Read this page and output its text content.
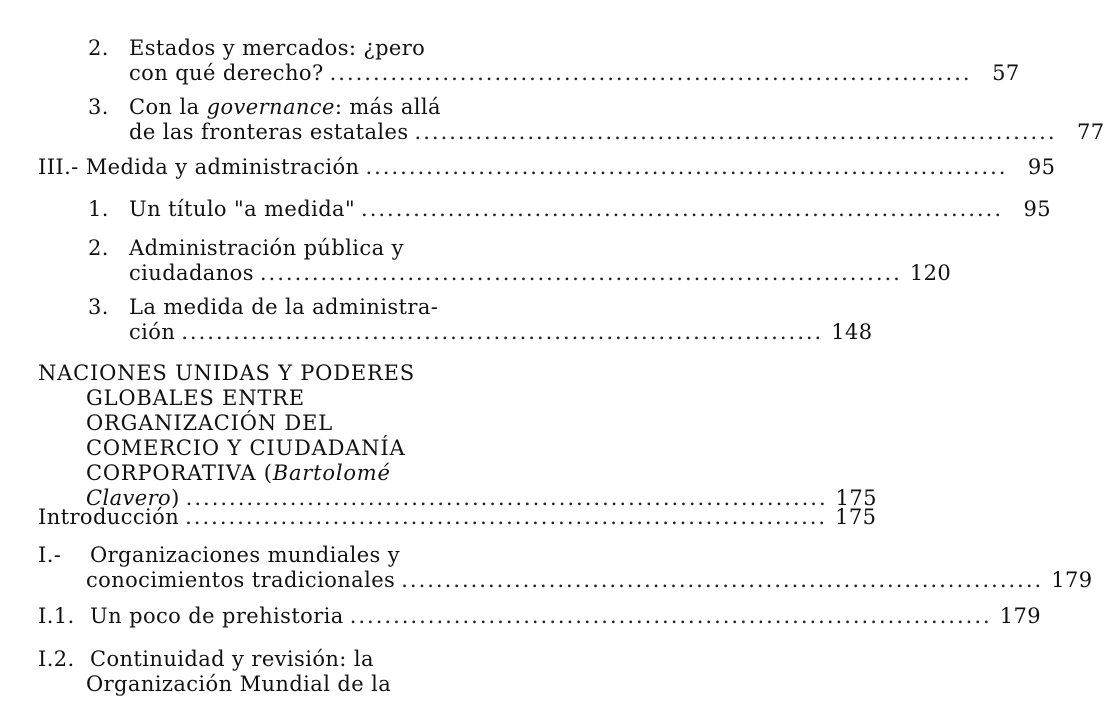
2. Estados y mercados: ¿pero
con qué derecho? .......................................................................... 57
3. Con la governance: más allá
de las fronteras estatales .......................................................................... 77
III.- Medida y administración .......................................................................... 95
1. Un título "a medida" .......................................................................... 95
2. Administración pública y
ciudadanos .......................................................................... 120
3. La medida de la administra-
ción .......................................................................... 148
NACIONES UNIDAS Y PODERES
GLOBALES ENTRE
ORGANIZACIÓN DEL
COMERCIO Y CIUDADANÍA
CORPORATIVA (Bartolomé
Clavero) .......................................................................... 175
Introducción .......................................................................... 175
I.- Organizaciones mundiales y
conocimientos tradicionales .......................................................................... 179
I.1. Un poco de prehistoria .......................................................................... 179
I.2. Continuidad y revisión: la
Organización Mundial de la
